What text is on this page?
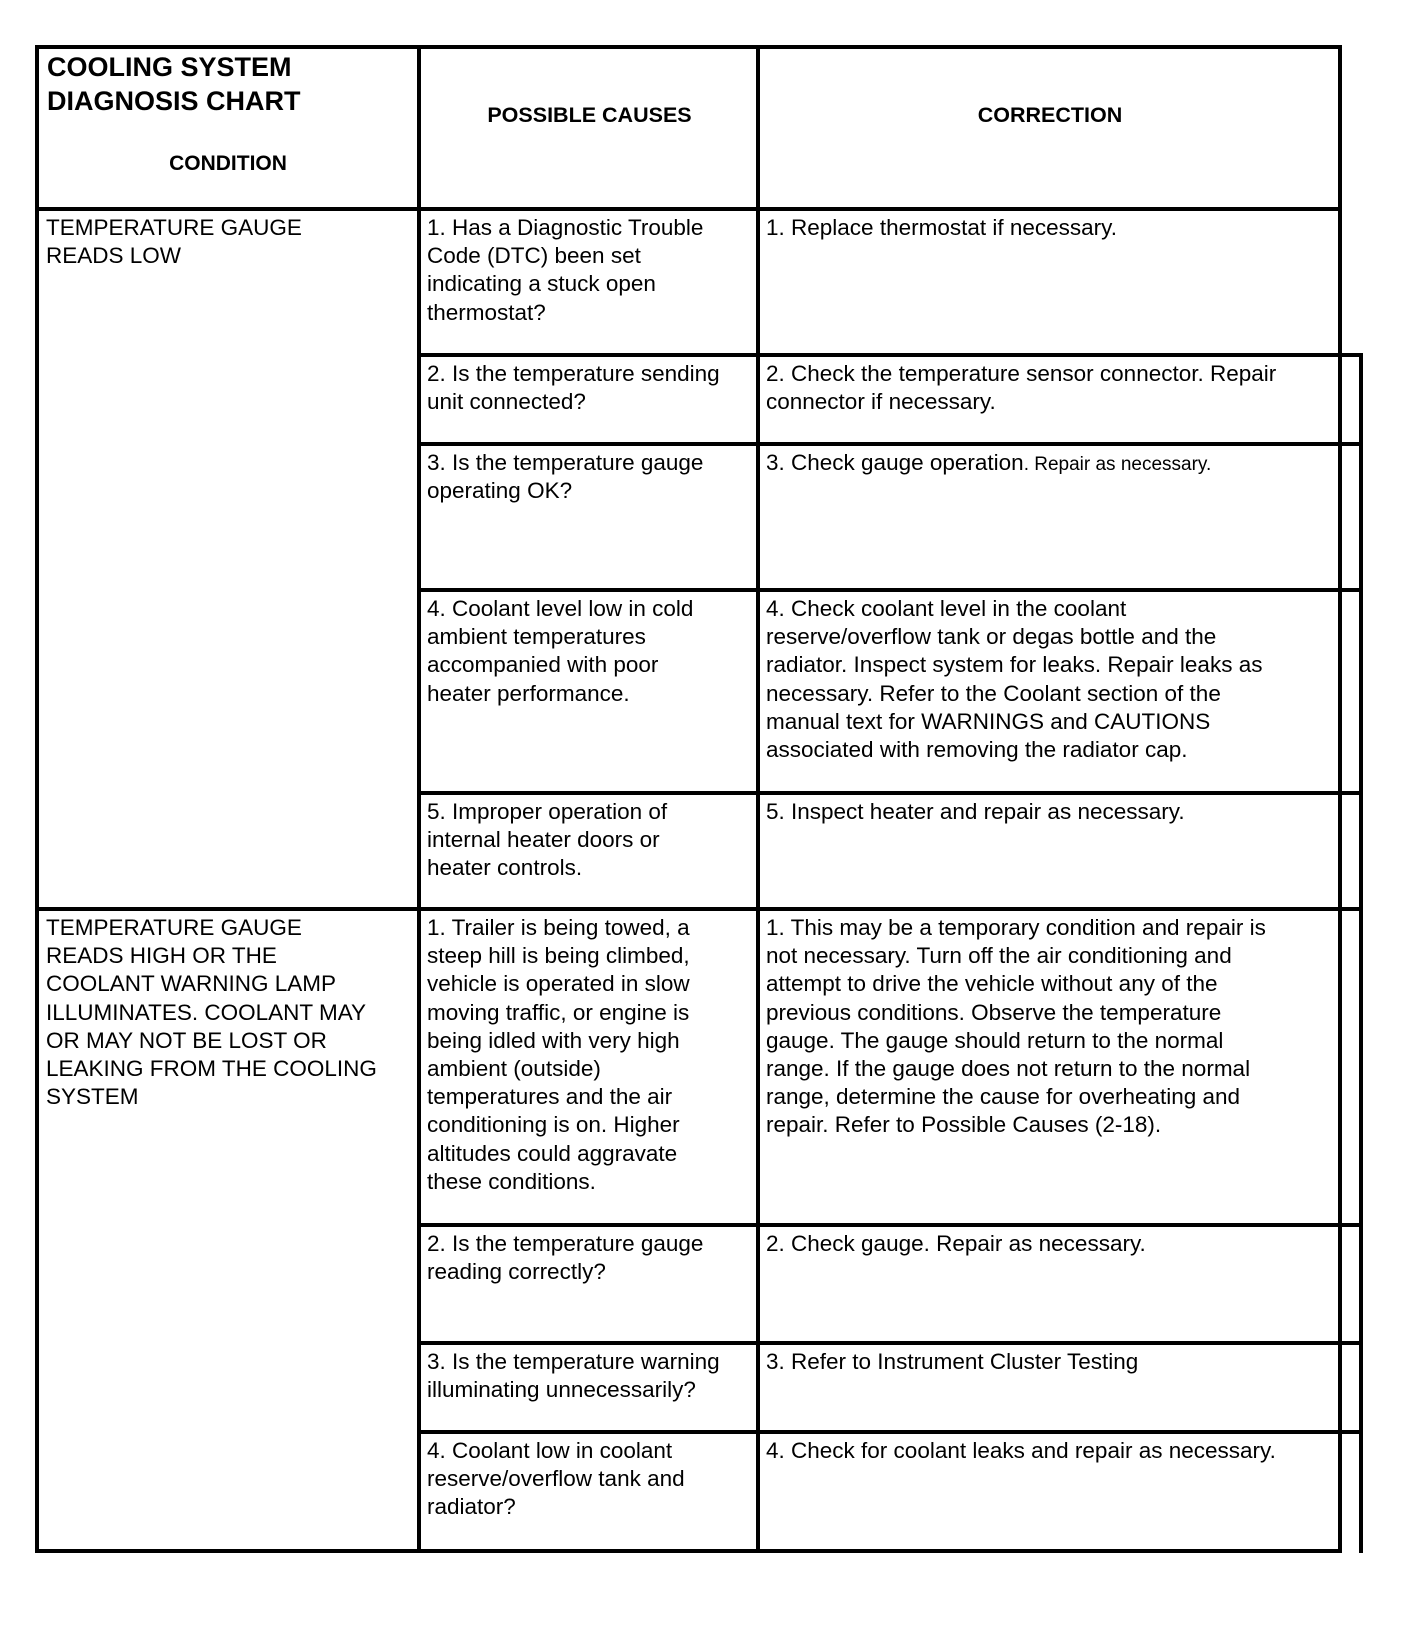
COOLING SYSTEM
DIAGNOSIS CHART
CONDITION
POSSIBLE CAUSES	CORRECTION
TEMPERATURE GAUGE
READS LOW
TEMPERATURE GAUGE
READS HIGH OR THE
COOLANT WARNING LAMP
ILLUMINATES. COOLANT MAY
OR MAY NOT BE LOST OR
LEAKING FROM THE COOLING
SYSTEM
1. Has a Diagnostic Trouble
Code (DTC) been set
indicating a stuck open
thermostat?
1. Replace thermostat if necessary.
2. Is the temperature sending
unit connected?
2. Check the temperature sensor connector. Repair
connector if necessary.
3. Is the temperature gauge
operating OK?
3. Check gauge operation. Repair as necessary.
4. Coolant level low in cold
ambient temperatures
accompanied with poor
heater performance.
4. Check coolant level in the coolant
reserve/overflow tank or degas bottle and the
radiator. Inspect system for leaks. Repair leaks as
necessary. Refer to the Coolant section of the
manual text for WARNINGS and CAUTIONS
associated with removing the radiator cap.
5. Improper operation of
internal heater doors or
heater controls.
5. Inspect heater and repair as necessary.
1. Trailer is being towed, a
steep hill is being climbed,
vehicle is operated in slow
moving traffic, or engine is
being idled with very high
ambient (outside)
temperatures and the air
conditioning is on. Higher
altitudes could aggravate
these conditions.
1. This may be a temporary condition and repair is
not necessary. Turn off the air conditioning and
attempt to drive the vehicle without any of the
previous conditions. Observe the temperature
gauge. The gauge should return to the normal
range. If the gauge does not return to the normal
range, determine the cause for overheating and
repair. Refer to Possible Causes (2-18).
2. Is the temperature gauge
reading correctly?
2. Check gauge. Repair as necessary.
3. Is the temperature warning
illuminating unnecessarily?
3. Refer to Instrument Cluster Testing
4. Coolant low in coolant
reserve/overflow tank and
radiator?
4. Check for coolant leaks and repair as necessary.
